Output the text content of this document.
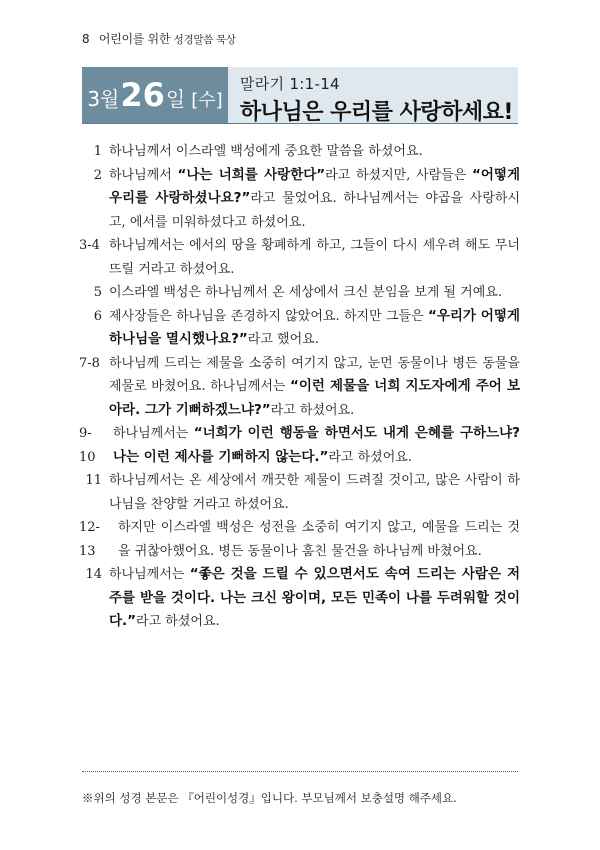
8 어린이를 위한 성경말씀 묵상
3월 26 일 [수]
말라기 1:1-14
하나님은 우리를 사랑하세요!
1 하나님께서 이스라엘 백성에게 중요한 말씀을 하셨어요.
2 하나님께서 “나는 너희를 사랑한다”라고 하셨지만, 사람들은 “어떻게 우리를 사랑하셨나요?”라고 물었어요. 하나님께서는 야곱을 사랑하시고, 에서를 미워하셨다고 하셨어요.
3-4 하나님께서는 에서의 땅을 황폐하게 하고, 그들이 다시 세우려 해도 무너뜨릴 거라고 하셨어요.
5 이스라엘 백성은 하나님께서 온 세상에서 크신 분임을 보게 될 거예요.
6 제사장들은 하나님을 존경하지 않았어요. 하지만 그들은 “우리가 어떻게 하나님을 멸시했나요?”라고 했어요.
7-8 하나님께 드리는 제물을 소중히 여기지 않고, 눈먼 동물이나 병든 동물을 제물로 바쳤어요. 하나님께서는 “이런 제물을 너희 지도자에게 주어 보아라. 그가 기뻐하겠느냐?”라고 하셨어요.
9-10
하나님께서는 “너희가 이런 행동을 하면서도 내게 은혜를 구하느냐? 나는 이런 제사를 기뻐하지 않는다.”라고 하셨어요.
11 하나님께서는 온 세상에서 깨끗한 제물이 드려질 것이고, 많은 사람이 하나님을 찬양할 거라고 하셨어요.
12-13
하지만 이스라엘 백성은 성전을 소중히 여기지 않고, 예물을 드리는 것을 귀찮아했어요. 병든 동물이나 훔친 물건을 하나님께 바쳤어요.
14 하나님께서는 “좋은 것을 드릴 수 있으면서도 속여 드리는 사람은 저주를 받을 것이다. 나는 크신 왕이며, 모든 민족이 나를 두려워할 것이다.”라고 하셨어요.
※위의 성경 본문은 『어린이성경』입니다. 부모님께서 보충설명 해주세요.
